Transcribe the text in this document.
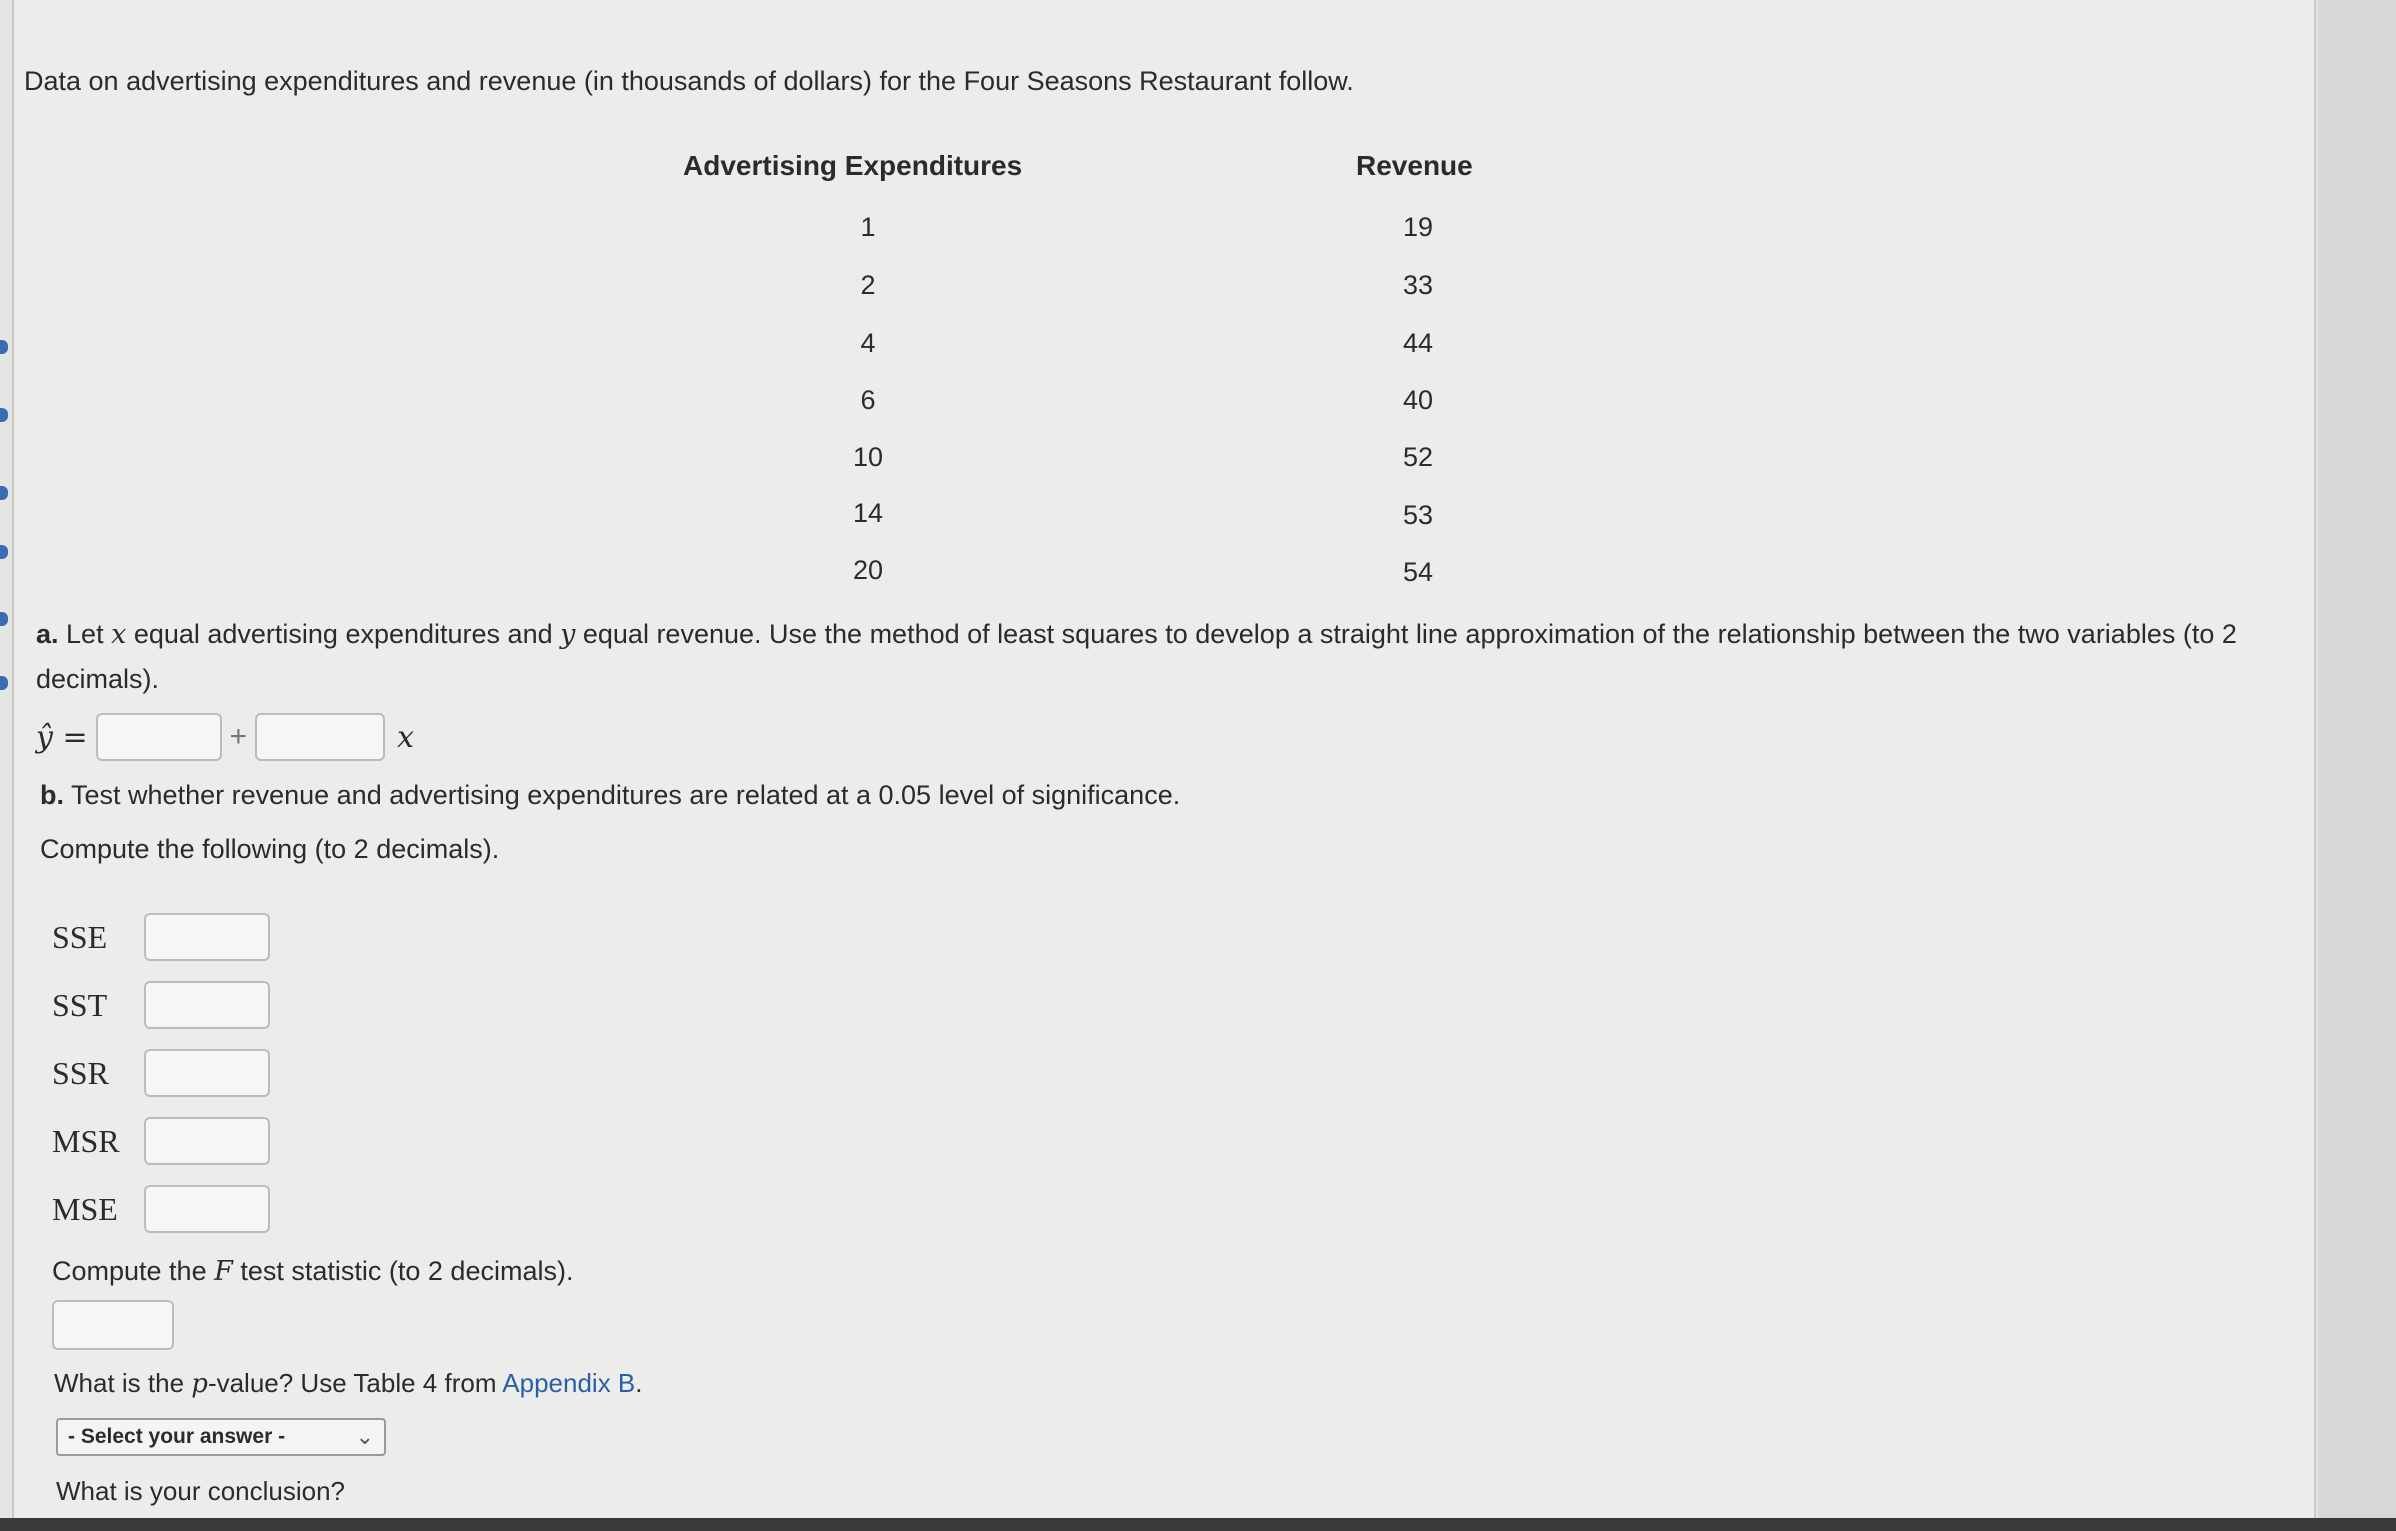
Data on advertising expenditures and revenue (in thousands of dollars) for the Four Seasons Restaurant follow.
Advertising Expenditures	Revenue
1	19
2	33
4	44
6	40
10	52
14	53
20	54
a. Let x equal advertising expenditures and y equal revenue. Use the method of least squares to develop a straight line approximation of the relationship between the two variables (to 2 decimals).
ŷ =	+	x
b. Test whether revenue and advertising expenditures are related at a 0.05 level of significance.
Compute the following (to 2 decimals).
SSE
SST
SSR
MSR
MSE
Compute the F test statistic (to 2 decimals).
What is the p-value? Use Table 4 from Appendix B.
- Select your answer -	⌄
What is your conclusion?
